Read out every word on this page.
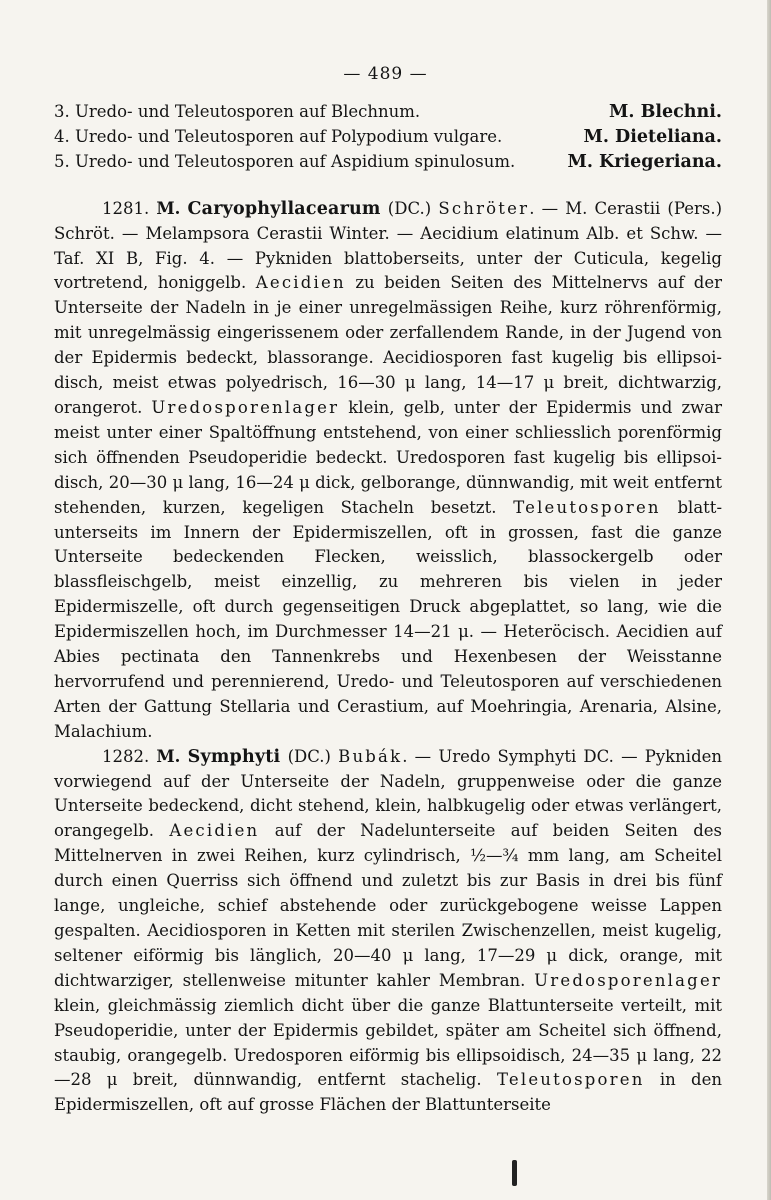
— 489 —
3. Uredo- und Teleutosporen auf Blechnum.	M. Blechni.
4. Uredo- und Teleutosporen auf Polypodium vulgare.	M. Dieteliana.
5. Uredo- und Teleutosporen auf Aspidium spinulosum.	M. Kriegeriana.

1281. M. Caryophyllacearum (DC.) Schröter. — M. Cerastii (Pers.) Schröt. — Melampsora Cerastii Winter. — Aecidium elatinum Alb. et Schw. — Taf. XI B, Fig. 4. — Pykniden blattoberseits, unter der Cuticula, kegelig vortretend, honiggelb. Aecidien zu beiden Seiten des Mittelnervs auf der Unterseite der Nadeln in je einer unregelmässigen Reihe, kurz röhrenförmig, mit unregelmässig eingerissenem oder zerfallendem Rande, in der Jugend von der Epidermis bedeckt, blassorange. Aecidiosporen fast kugelig bis ellipsoidisch, meist etwas polyedrisch, 16—30 μ lang, 14—17 μ breit, dichtwarzig, orangerot. Uredosporenlager klein, gelb, unter der Epidermis und zwar meist unter einer Spaltöffnung entstehend, von einer schliesslich porenförmig sich öffnenden Pseudoperidie bedeckt. Uredosporen fast kugelig bis ellipsoidisch, 20—30 μ lang, 16—24 μ dick, gelborange, dünnwandig, mit weit entfernt stehenden, kurzen, kegeligen Stacheln besetzt. Teleutosporen blattunterseits im Innern der Epidermiszellen, oft in grossen, fast die ganze Unterseite bedeckenden Flecken, weisslich, blassockergelb oder blassfleischgelb, meist einzellig, zu mehreren bis vielen in jeder Epidermiszelle, oft durch gegenseitigen Druck abgeplattet, so lang, wie die Epidermiszellen hoch, im Durchmesser 14—21 μ. — Heteröcisch. Aecidien auf Abies pectinata den Tannenkrebs und Hexenbesen der Weisstanne hervorrufend und perennierend, Uredo- und Teleutosporen auf verschiedenen Arten der Gattung Stellaria und Cerastium, auf Moehringia, Arenaria, Alsine, Malachium.

1282. M. Symphyti (DC.) Bubák. — Uredo Symphyti DC. — Pykniden vorwiegend auf der Unterseite der Nadeln, gruppenweise oder die ganze Unterseite bedeckend, dicht stehend, klein, halbkugelig oder etwas verlängert, orangegelb. Aecidien auf der Nadelunterseite auf beiden Seiten des Mittelnerven in zwei Reihen, kurz cylindrisch, ½—¾ mm lang, am Scheitel durch einen Querriss sich öffnend und zuletzt bis zur Basis in drei bis fünf lange, ungleiche, schief abstehende oder zurückgebogene weisse Lappen gespalten. Aecidiosporen in Ketten mit sterilen Zwischenzellen, meist kugelig, seltener eiförmig bis länglich, 20—40 μ lang, 17—29 μ dick, orange, mit dichtwarziger, stellenweise mitunter kahler Membran. Uredosporenlager klein, gleichmässig ziemlich dicht über die ganze Blattunterseite verteilt, mit Pseudoperidie, unter der Epidermis gebildet, später am Scheitel sich öffnend, staubig, orangegelb. Uredosporen eiförmig bis ellipsoidisch, 24—35 μ lang, 22—28 μ breit, dünnwandig, entfernt stachelig. Teleutosporen in den Epidermiszellen, oft auf grosse Flächen der Blattunterseite
